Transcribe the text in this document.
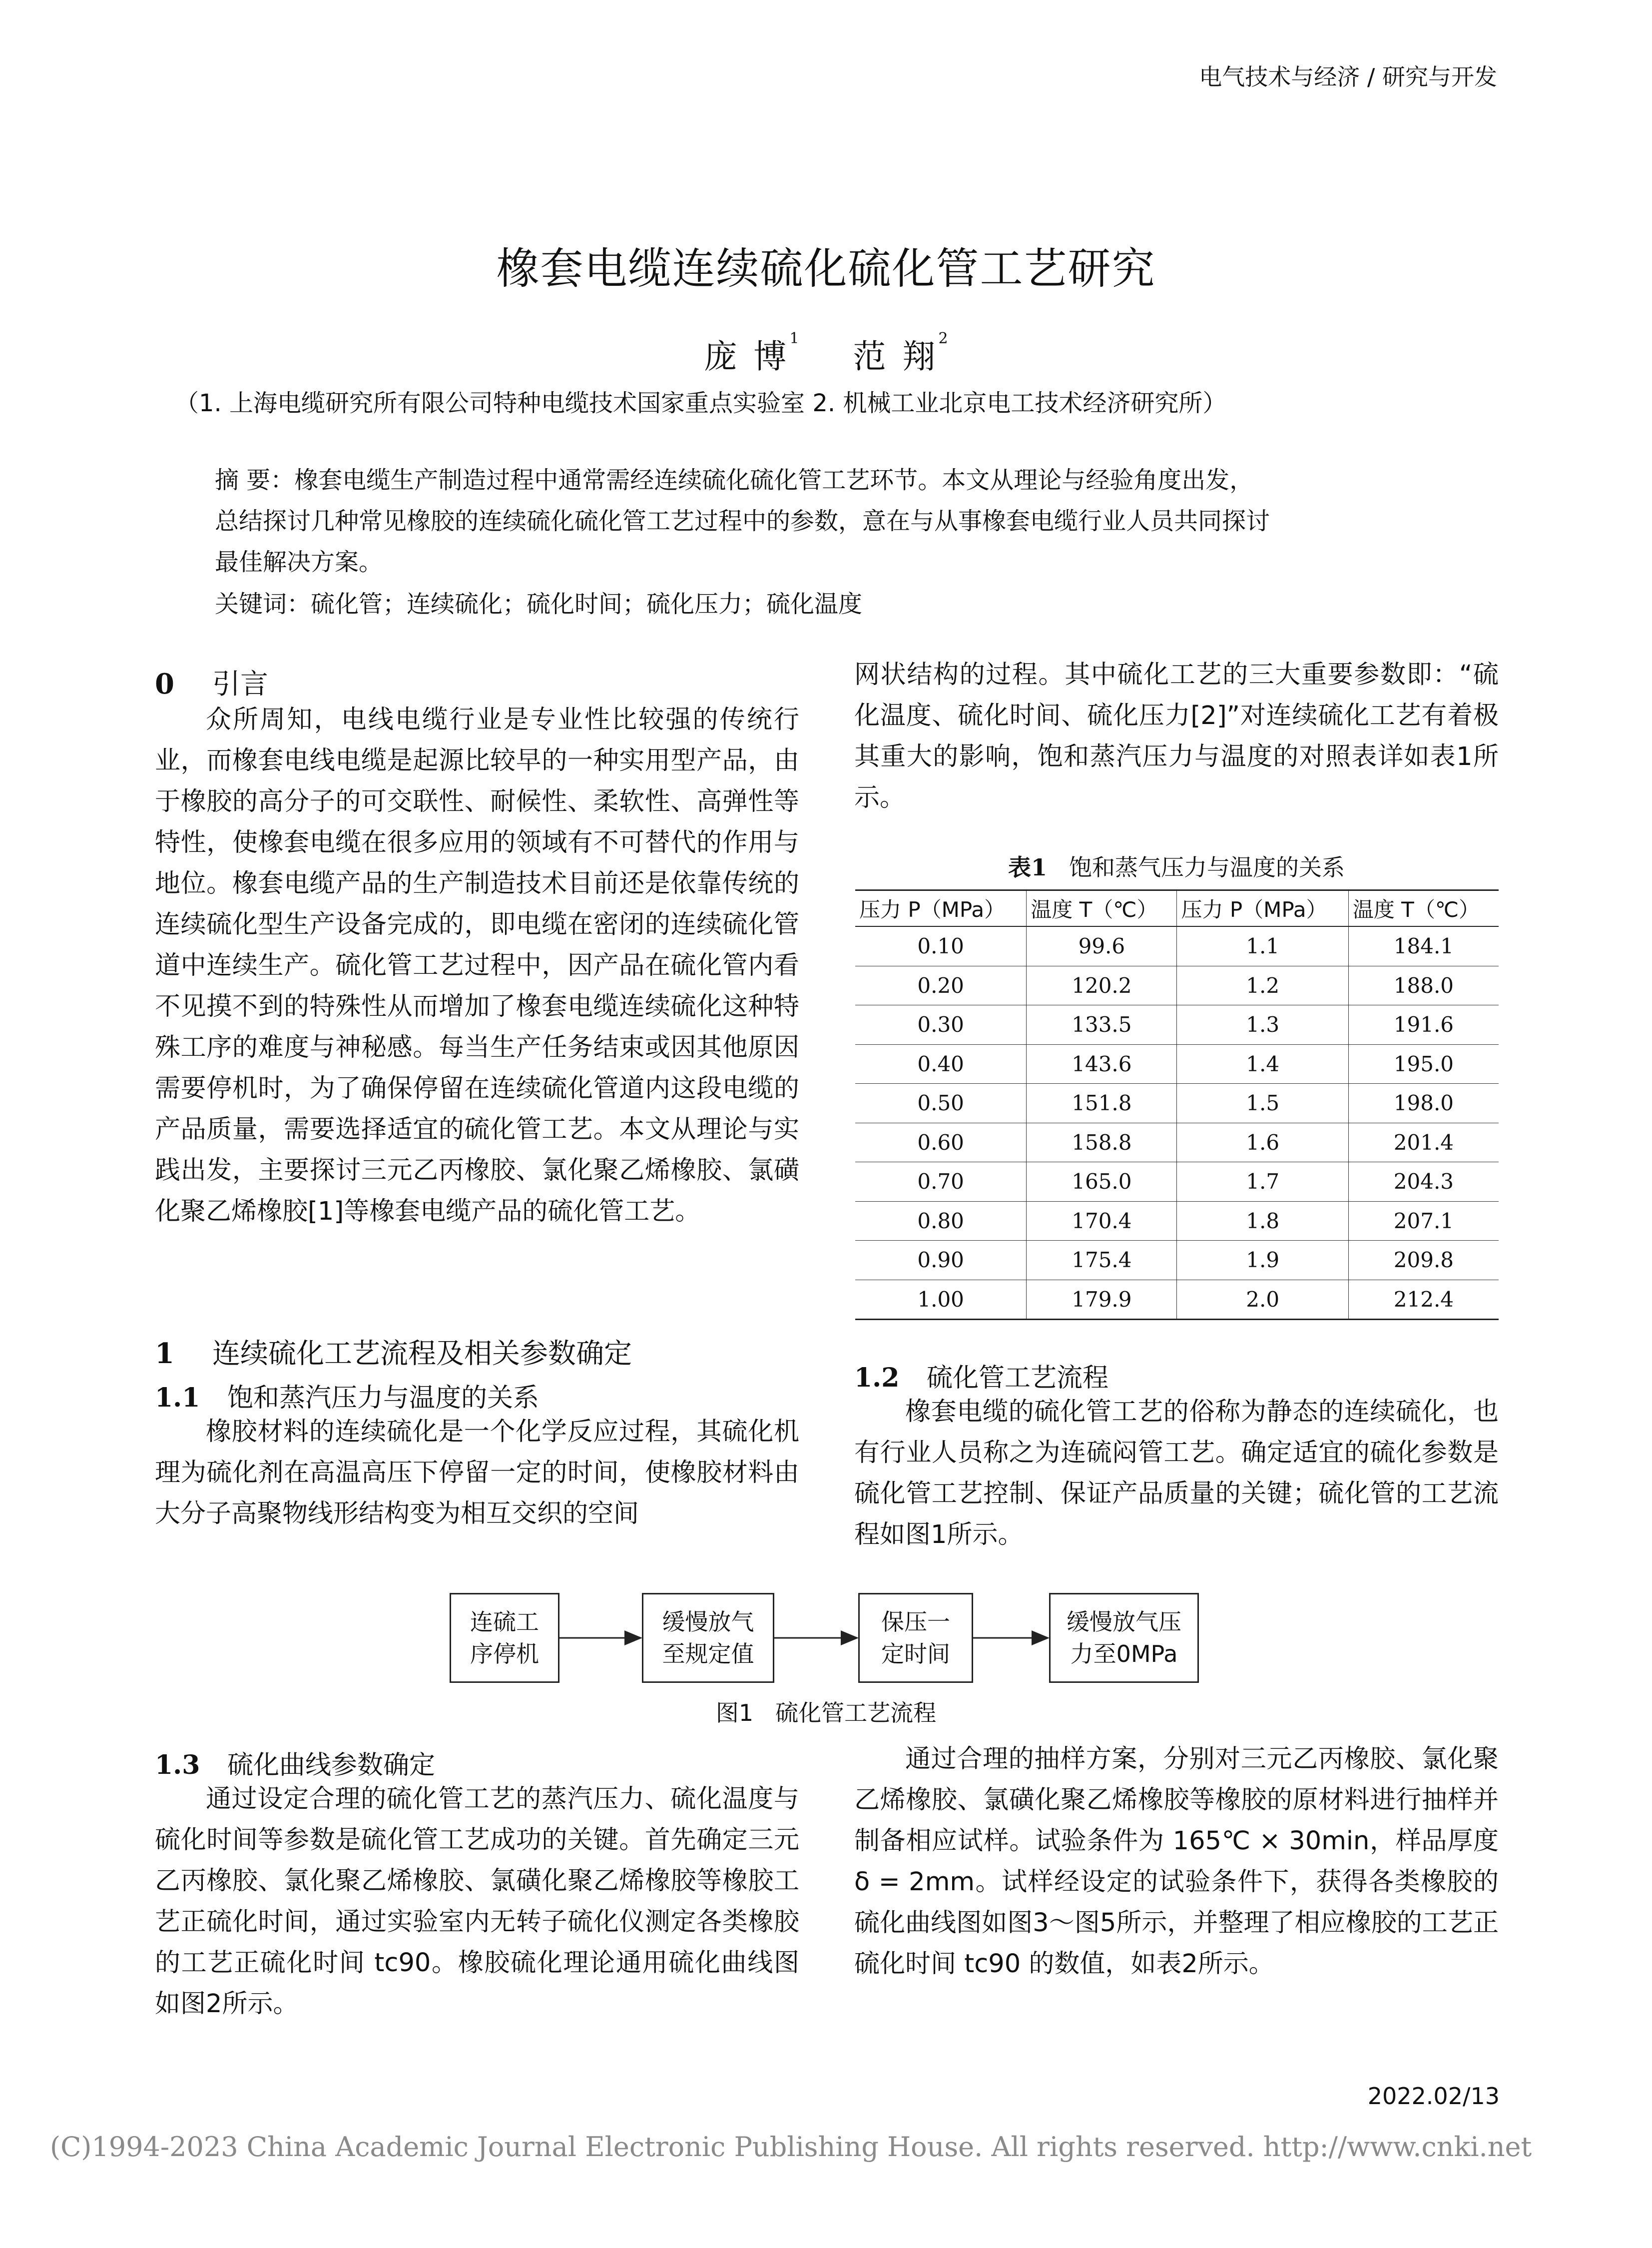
电气技术与经济 / 研究与开发
橡套电缆连续硫化硫化管工艺研究
庞 博$^1$ 范 翔$^2$
（1. 上海电缆研究所有限公司特种电缆技术国家重点实验室 2. 机械工业北京电工技术经济研究所）

摘 要：橡套电缆生产制造过程中通常需经连续硫化硫化管工艺环节。本文从理论与经验角度出发，

总结探讨几种常见橡胶的连续硫化硫化管工艺过程中的参数，意在与从事橡套电缆行业人员共同探讨

最佳解决方案。

关键词：硫化管；连续硫化；硫化时间；硫化压力；硫化温度
0 引言

众所周知，电线电缆行业是专业性比较强的传统行业，而橡套电线电缆是起源比较早的一种实用型产品，由于橡胶的高分子的可交联性、耐候性、柔软性、高弹性等特性，使橡套电缆在很多应用的领域有不可替代的作用与地位。橡套电缆产品的生产制造技术目前还是依靠传统的连续硫化型生产设备完成的，即电缆在密闭的连续硫化管道中连续生产。硫化管工艺过程中，因产品在硫化管内看不见摸不到的特殊性从而增加了橡套电缆连续硫化这种特殊工序的难度与神秘感。每当生产任务结束或因其他原因需要停机时，为了确保停留在连续硫化管道内这段电缆的产品质量，需要选择适宜的硫化管工艺。本文从理论与实践出发，主要探讨三元乙丙橡胶、氯化聚乙烯橡胶、氯磺化聚乙烯橡胶[1]等橡套电缆产品的硫化管工艺。

1 连续硫化工艺流程及相关参数确定
1.1 饱和蒸汽压力与温度的关系

橡胶材料的连续硫化是一个化学反应过程，其硫化机理为硫化剂在高温高压下停留一定的时间，使橡胶材料由大分子高聚物线形结构变为相互交织的空间

网状结构的过程。其中硫化工艺的三大重要参数即：“硫化温度、硫化时间、硫化压力[2]”对连续硫化工艺有着极其重大的影响，饱和蒸汽压力与温度的对照表详如表1所示。

表1 饱和蒸气压力与温度的关系
压力 P（MPa）	温度 T（℃）	压力 P（MPa）	温度 T（℃）
0.10	99.6	1.1	184.1
0.20	120.2	1.2	188.0
0.30	133.5	1.3	191.6
0.40	143.6	1.4	195.0
0.50	151.8	1.5	198.0
0.60	158.8	1.6	201.4
0.70	165.0	1.7	204.3
0.80	170.4	1.8	207.1
0.90	175.4	1.9	209.8
1.00	179.9	2.0	212.4
1.2 硫化管工艺流程

橡套电缆的硫化管工艺的俗称为静态的连续硫化，也有行业人员称之为连硫闷管工艺。确定适宜的硫化参数是硫化管工艺控制、保证产品质量的关键；硫化管的工艺流程如图1所示。

连硫工
序停机
缓慢放气
至规定值
保压一
定时间
缓慢放气压
力至0MPa
图1 硫化管工艺流程
1.3 硫化曲线参数确定

通过设定合理的硫化管工艺的蒸汽压力、硫化温度与硫化时间等参数是硫化管工艺成功的关键。首先确定三元乙丙橡胶、氯化聚乙烯橡胶、氯磺化聚乙烯橡胶等橡胶工艺正硫化时间，通过实验室内无转子硫化仪测定各类橡胶的工艺正硫化时间 tc90。橡胶硫化理论通用硫化曲线图如图2所示。

通过合理的抽样方案，分别对三元乙丙橡胶、氯化聚乙烯橡胶、氯磺化聚乙烯橡胶等橡胶的原材料进行抽样并制备相应试样。试验条件为 165℃ × 30min，样品厚度 δ = 2mm。试样经设定的试验条件下，获得各类橡胶的硫化曲线图如图3～图5所示，并整理了相应橡胶的工艺正硫化时间 tc90 的数值，如表2所示。

2022.02/13
(C)1994-2023 China Academic Journal Electronic Publishing House. All rights reserved. http://www.cnki.net
